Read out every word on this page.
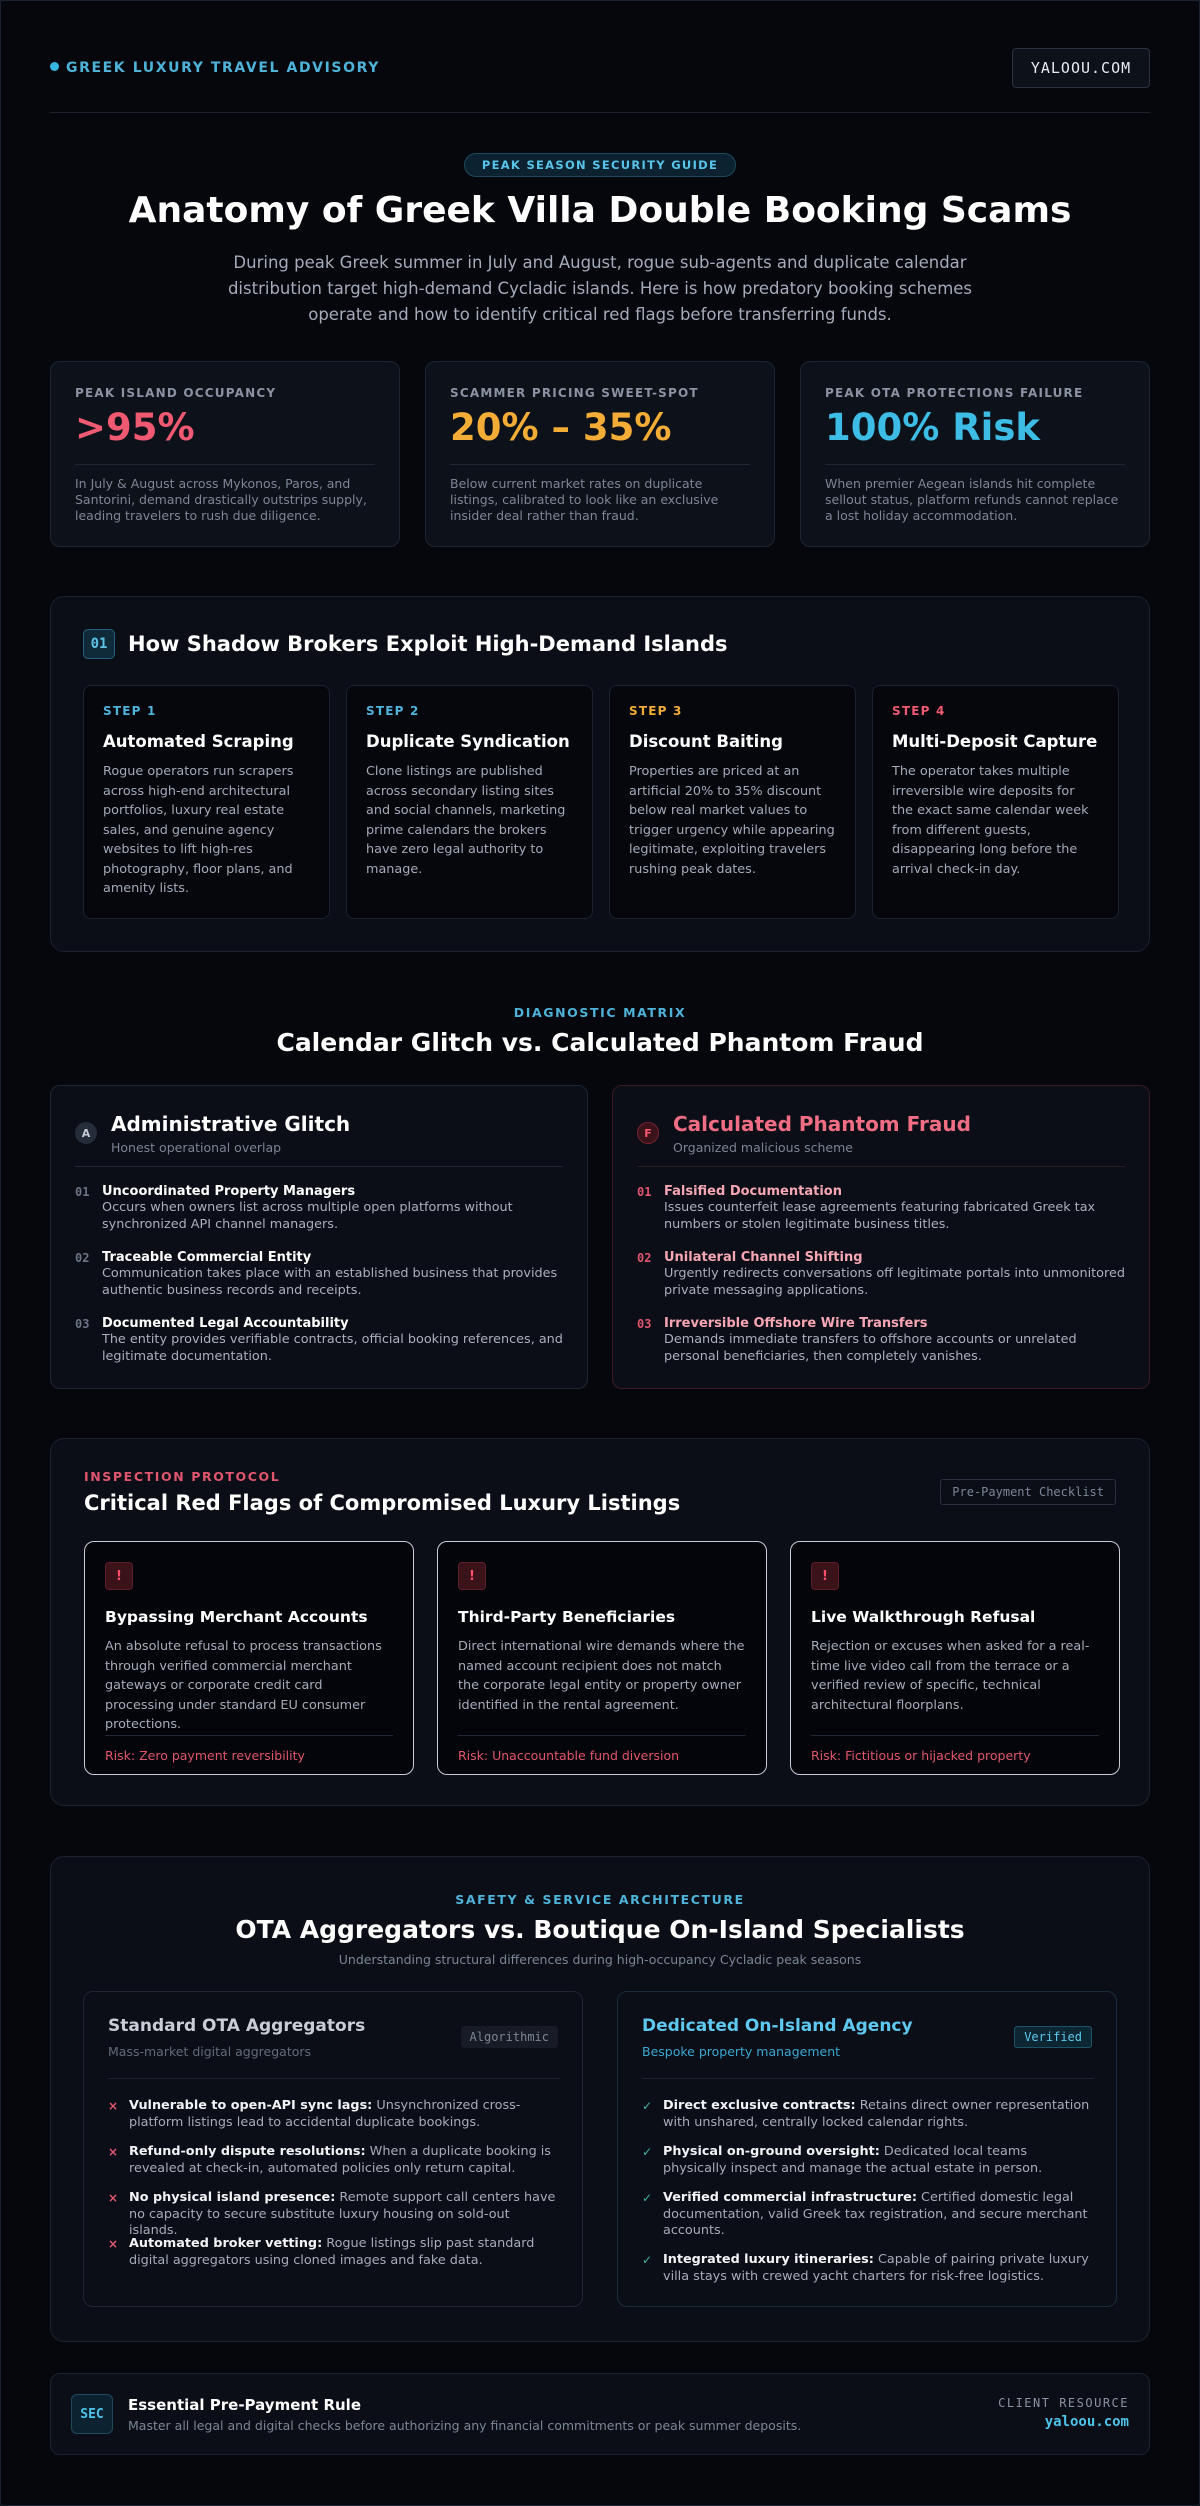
GREEK LUXURY TRAVEL ADVISORY	YALOOU.COM
PEAK SEASON SECURITY GUIDE
Anatomy of Greek Villa Double Booking Scams
During peak Greek summer in July and August, rogue sub-agents and duplicate calendar distribution target high-demand Cycladic islands. Here is how predatory booking schemes operate and how to identify critical red flags before transferring funds.
PEAK ISLAND OCCUPANCY
>95%
In July & August across Mykonos, Paros, and Santorini, demand drastically outstrips supply, leading travelers to rush due diligence.
SCAMMER PRICING SWEET-SPOT
20% – 35%
Below current market rates on duplicate listings, calibrated to look like an exclusive insider deal rather than fraud.
PEAK OTA PROTECTIONS FAILURE
100% Risk
When premier Aegean islands hit complete sellout status, platform refunds cannot replace a lost holiday accommodation.
01 How Shadow Brokers Exploit High-Demand Islands
STEP 1
Automated Scraping
Rogue operators run scrapers across high-end architectural portfolios, luxury real estate sales, and genuine agency websites to lift high-res photography, floor plans, and amenity lists.
STEP 2
Duplicate Syndication
Clone listings are published across secondary listing sites and social channels, marketing prime calendars the brokers have zero legal authority to manage.
STEP 3
Discount Baiting
Properties are priced at an artificial 20% to 35% discount below real market values to trigger urgency while appearing legitimate, exploiting travelers rushing peak dates.
STEP 4
Multi-Deposit Capture
The operator takes multiple irreversible wire deposits for the exact same calendar week from different guests, disappearing long before the arrival check-in day.
DIAGNOSTIC MATRIX
Calendar Glitch vs. Calculated Phantom Fraud
A	Administrative Glitch
Honest operational overlap
01 Uncoordinated Property Managers
Occurs when owners list across multiple open platforms without synchronized API channel managers.
02 Traceable Commercial Entity
Communication takes place with an established business that provides authentic business records and receipts.
03 Documented Legal Accountability
The entity provides verifiable contracts, official booking references, and legitimate documentation.
F	Calculated Phantom Fraud
Organized malicious scheme
01 Falsified Documentation
Issues counterfeit lease agreements featuring fabricated Greek tax numbers or stolen legitimate business titles.
02 Unilateral Channel Shifting
Urgently redirects conversations off legitimate portals into unmonitored private messaging applications.
03 Irreversible Offshore Wire Transfers
Demands immediate transfers to offshore accounts or unrelated personal beneficiaries, then completely vanishes.
INSPECTION PROTOCOL
Critical Red Flags of Compromised Luxury Listings	Pre-Payment Checklist
!
Bypassing Merchant Accounts
An absolute refusal to process transactions through verified commercial merchant gateways or corporate credit card processing under standard EU consumer protections.
Risk: Zero payment reversibility
!
Third-Party Beneficiaries
Direct international wire demands where the named account recipient does not match the corporate legal entity or property owner identified in the rental agreement.
Risk: Unaccountable fund diversion
!
Live Walkthrough Refusal
Rejection or excuses when asked for a real-time live video call from the terrace or a verified review of specific, technical architectural floorplans.
Risk: Fictitious or hijacked property
SAFETY & SERVICE ARCHITECTURE
OTA Aggregators vs. Boutique On-Island Specialists
Understanding structural differences during high-occupancy Cycladic peak seasons
Standard OTA Aggregators
Mass-market digital aggregators
Algorithmic
× Vulnerable to open-API sync lags: Unsynchronized cross-platform listings lead to accidental duplicate bookings.
× Refund-only dispute resolutions: When a duplicate booking is revealed at check-in, automated policies only return capital.
× No physical island presence: Remote support call centers have no capacity to secure substitute luxury housing on sold-out islands.
× Automated broker vetting: Rogue listings slip past standard digital aggregators using cloned images and fake data.
Dedicated On-Island Agency
Bespoke property management
Verified
✓ Direct exclusive contracts: Retains direct owner representation with unshared, centrally locked calendar rights.
✓ Physical on-ground oversight: Dedicated local teams physically inspect and manage the actual estate in person.
✓ Verified commercial infrastructure: Certified domestic legal documentation, valid Greek tax registration, and secure merchant accounts.
✓ Integrated luxury itineraries: Capable of pairing private luxury villa stays with crewed yacht charters for risk-free logistics.
SEC	Essential Pre-Payment Rule
Master all legal and digital checks before authorizing any financial commitments or peak summer deposits.
CLIENT RESOURCE
yalоou.com
